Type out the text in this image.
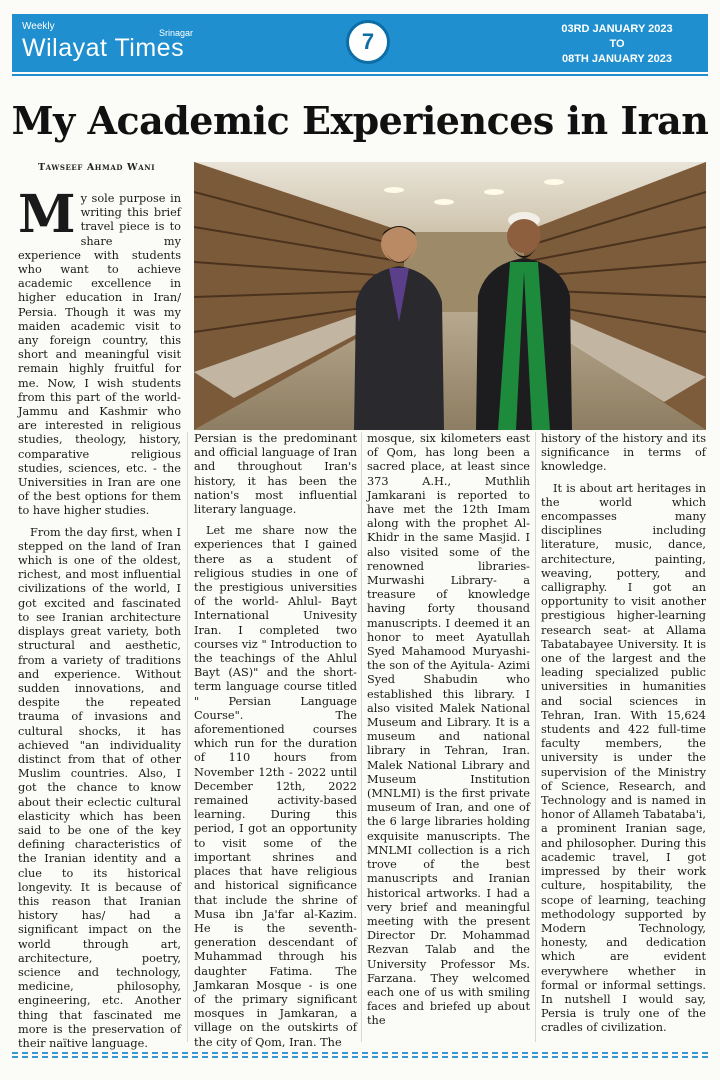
Weekly
Wilayat Times
Srinagar	7	03RD JANUARY 2023
TO
08TH JANUARY 2023
My Academic Experiences in Iran
Tawseef Ahmad Wani

My sole purpose in writing this brief travel piece is to share my experience with students who want to achieve academic excellence in higher education in Iran/ Persia. Though it was my maiden academic visit to any foreign country, this short and meaningful visit remain highly fruitful for me. Now, I wish students from this part of the world- Jammu and Kashmir who are interested in religious studies, theology, history, comparative religious studies, sciences, etc. - the Universities in Iran are one of the best options for them to have higher studies.

From the day first, when I stepped on the land of Iran which is one of the oldest, richest, and most influential civilizations of the world, I got excited and fascinated to see Iranian architecture displays great variety, both structural and aesthetic, from a variety of traditions and experience. Without sudden innovations, and despite the repeated trauma of invasions and cultural shocks, it has achieved "an individuality distinct from that of other Muslim countries. Also, I got the chance to know about their eclectic cultural elasticity which has been said to be one of the key defining characteristics of the Iranian identity and a clue to its historical longevity. It is because of this reason that Iranian history has/ had a significant impact on the world through art, architecture, poetry, science and technology, medicine, philosophy, engineering, etc. Another thing that fascinated me more is the preservation of their naïtive language.

Persian is the predominant and official language of Iran and throughout Iran's history, it has been the nation's most influential literary language.

Let me share now the experiences that I gained there as a student of religious studies in one of the prestigious universities of the world- Ahlul- Bayt International Univesity Iran. I completed two courses viz " Introduction to the teachings of the Ahlul Bayt (AS)" and the short-term language course titled " Persian Language Course". The aforementioned courses which run for the duration of 110 hours from November 12th - 2022 until December 12th, 2022 remained activity-based learning. During this period, I got an opportunity to visit some of the important shrines and places that have religious and historical significance that include the shrine of Musa ibn Ja'far al-Kazim. He is the seventh-generation descendant of Muhammad through his daughter Fatima. The Jamkaran Mosque - is one of the primary significant mosques in Jamkaran, a village on the outskirts of the city of Qom, Iran. The

mosque, six kilometers east of Qom, has long been a sacred place, at least since 373 A.H., Muthlih Jamkarani is reported to have met the 12th Imam along with the prophet Al-Khidr in the same Masjid. I also visited some of the renowned libraries- Murwashi Library- a treasure of knowledge having forty thousand manuscripts. I deemed it an honor to meet Ayatullah Syed Mahamood Muryashi- the son of the Ayitula- Azimi Syed Shabudin who established this library. I also visited Malek National Museum and Library. It is a museum and national library in Tehran, Iran. Malek National Library and Museum Institution (MNLMI) is the first private museum of Iran, and one of the 6 large libraries holding exquisite manuscripts. The MNLMI collection is a rich trove of the best manuscripts and Iranian historical artworks. I had a very brief and meaningful meeting with the present Director Dr. Mohammad Rezvan Talab and the University Professor Ms. Farzana. They welcomed each one of us with smiling faces and briefed up about the

history of the history and its significance in terms of knowledge.

It is about art heritages in the world which encompasses many disciplines including literature, music, dance, architecture, painting, weaving, pottery, and calligraphy. I got an opportunity to visit another prestigious higher-learning research seat- at Allama Tabatabayee University. It is one of the largest and the leading specialized public universities in humanities and social sciences in Tehran, Iran. With 15,624 students and 422 full-time faculty members, the university is under the supervision of the Ministry of Science, Research, and Technology and is named in honor of Allameh Tabataba'i, a prominent Iranian sage, and philosopher. During this academic travel, I got impressed by their work culture, hospitability, the scope of learning, teaching methodology supported by Modern Technology, honesty, and dedication which are evident everywhere whether in formal or informal settings. In nutshell I would say, Persia is truly one of the cradles of civilization.
